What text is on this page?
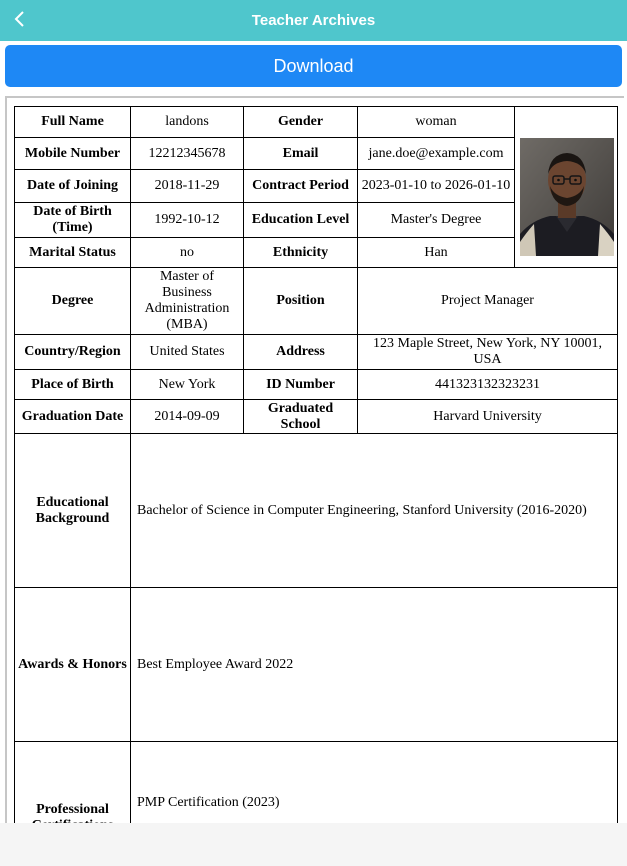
Teacher Archives
Download
Full Name	landons	Gender	woman	

Mobile Number	12212345678	Email	jane.doe@example.com	
Date of Joining	2018-11-29	Contract Period	2023-01-10 to 2026-01-10	
Date of Birth (Time)	1992-10-12	Education Level	Master's Degree	
Marital Status	no	Ethnicity	Han	
Degree	Master of Business Administration (MBA)	Position	Project Manager	
Country/Region	United States	Address	123 Maple Street, New York, NY 10001, USA	
Place of Birth	New York	ID Number	441323132323231	
Graduation Date	2014-09-09	Graduated School	Harvard University	
Educational Background	Bachelor of Science in Computer Engineering, Stanford University (2016-2020)			
Awards & Honors	Best Employee Award 2022			
Professional	PMP Certification (2023)			
